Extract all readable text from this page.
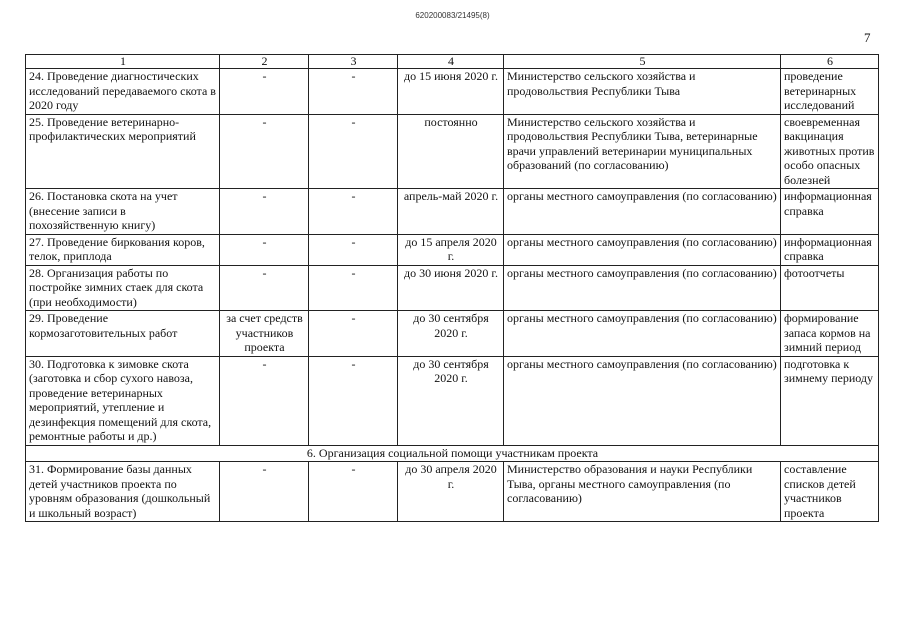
620200083/21495(8)
7
1	2	3	4	5	6
24. Проведение диагностических исследований передаваемого скота в 2020 году	-	-	до 15 июня 2020 г.	Министерство сельского хозяйства и продовольствия Республики Тыва	проведение ветеринарных исследований
25. Проведение ветеринарно-профилактических мероприятий	-	-	постоянно	Министерство сельского хозяйства и продовольствия Республики Тыва, ветеринарные врачи управлений ветеринарии муниципальных образований (по согласованию)	своевременная вакцинация животных против особо опасных болезней
26. Постановка скота на учет (внесение записи в похозяйственную книгу)	-	-	апрель-май 2020 г.	органы местного самоуправления (по согласованию)	информационная справка
27. Проведение биркования коров, телок, приплода	-	-	до 15 апреля 2020 г.	органы местного самоуправления (по согласованию)	информационная справка
28. Организация работы по постройке зимних стаек для скота (при необходимости)	-	-	до 30 июня 2020 г.	органы местного самоуправления (по согласованию)	фотоотчеты
29. Проведение кормозаготовительных работ	за счет средств участников проекта	-	до 30 сентября 2020 г.	органы местного самоуправления (по согласованию)	формирование запаса кормов на зимний период
30. Подготовка к зимовке скота (заготовка и сбор сухого навоза, проведение ветеринарных мероприятий, утепление и дезинфекция помещений для скота, ремонтные работы и др.)	-	-	до 30 сентября 2020 г.	органы местного самоуправления (по согласованию)	подготовка к зимнему периоду
6. Организация социальной помощи участникам проекта					
31. Формирование базы данных детей участников проекта по уровням образования (дошкольный и школьный возраст)	-	-	до 30 апреля 2020 г.	Министерство образования и науки Республики Тыва, органы местного самоуправления (по согласованию)	составление списков детей участников проекта
